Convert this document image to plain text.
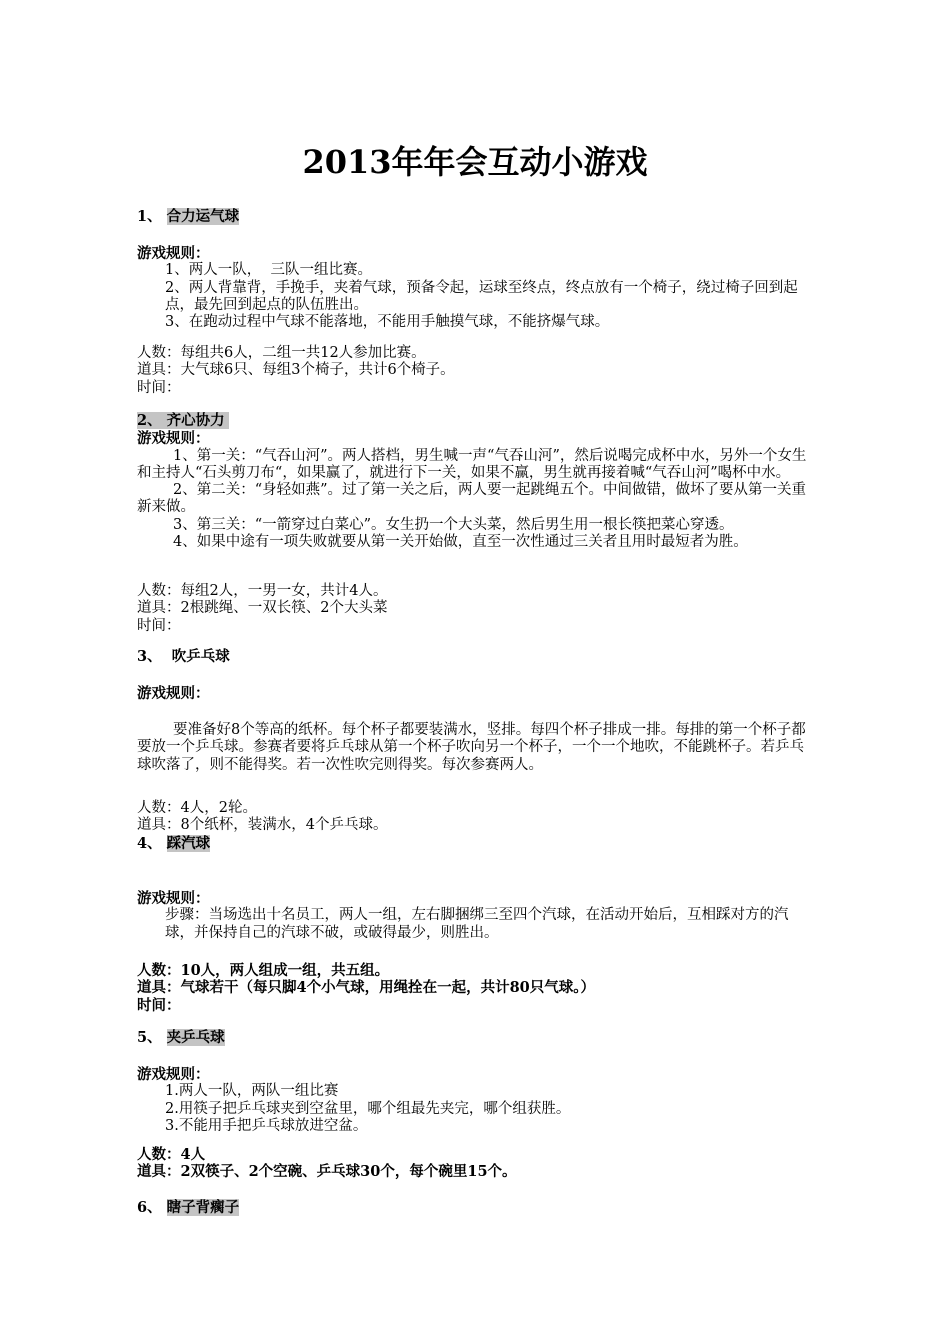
2013年年会互动小游戏
1、 合力运气球
游戏规则：
1、两人一队，  三队一组比赛。
2、两人背靠背，手挽手，夹着气球，预备令起，运球至终点，终点放有一个椅子，绕过椅子回到起点，最先回到起点的队伍胜出。
3、在跑动过程中气球不能落地，不能用手触摸气球，不能挤爆气球。
人数： 每组共6人，二组一共12人参加比赛。
道具： 大气球6只、每组3个椅子，共计6个椅子。
时间：
2、 齐心协力
游戏规则：
1、第一关：“气吞山河”。两人搭档，男生喊一声“气吞山河”，然后说喝完成杯中水，另外一个女生和主持人“石头剪刀布“，如果赢了，就进行下一关，如果不赢，男生就再接着喊“气吞山河”喝杯中水。
2、第二关：“身轻如燕”。过了第一关之后，两人要一起跳绳五个。中间做错，做坏了要从第一关重新来做。
3、第三关：“一箭穿过白菜心”。女生扔一个大头菜，然后男生用一根长筷把菜心穿透。
4、如果中途有一项失败就要从第一关开始做，直至一次性通过三关者且用时最短者为胜。
人数： 每组2人，一男一女，共计4人。
道具： 2根跳绳、一双长筷、2个大头菜
时间：
3、 吹乒乓球
游戏规则：
要准备好8个等高的纸杯。每个杯子都要装满水，竖排。每四个杯子排成一排。每排的第一个杯子都要放一个乒乓球。参赛者要将乒乓球从第一个杯子吹向另一个杯子，一个一个地吹，不能跳杯子。若乒乓球吹落了，则不能得奖。若一次性吹完则得奖。每次参赛两人。
人数： 4人，2轮。
道具： 8个纸杯，装满水，4个乒乓球。
4、 踩汽球
游戏规则：
步骤：当场选出十名员工，两人一组，左右脚捆绑三至四个汽球，在活动开始后，互相踩对方的汽球，并保持自己的汽球不破，或破得最少，则胜出。
人数： 10人，两人组成一组，共五组。
道具： 气球若干（每只脚4个小气球，用绳拴在一起，共计80只气球。）
时间：
5、 夹乒乓球
游戏规则：
1.两人一队，两队一组比赛
2.用筷子把乒乓球夹到空盆里，哪个组最先夹完，哪个组获胜。
3.不能用手把乒乓球放进空盆。
人数： 4人
道具： 2双筷子、2个空碗、乒乓球30个，每个碗里15个。
6、 瞎子背瘸子
